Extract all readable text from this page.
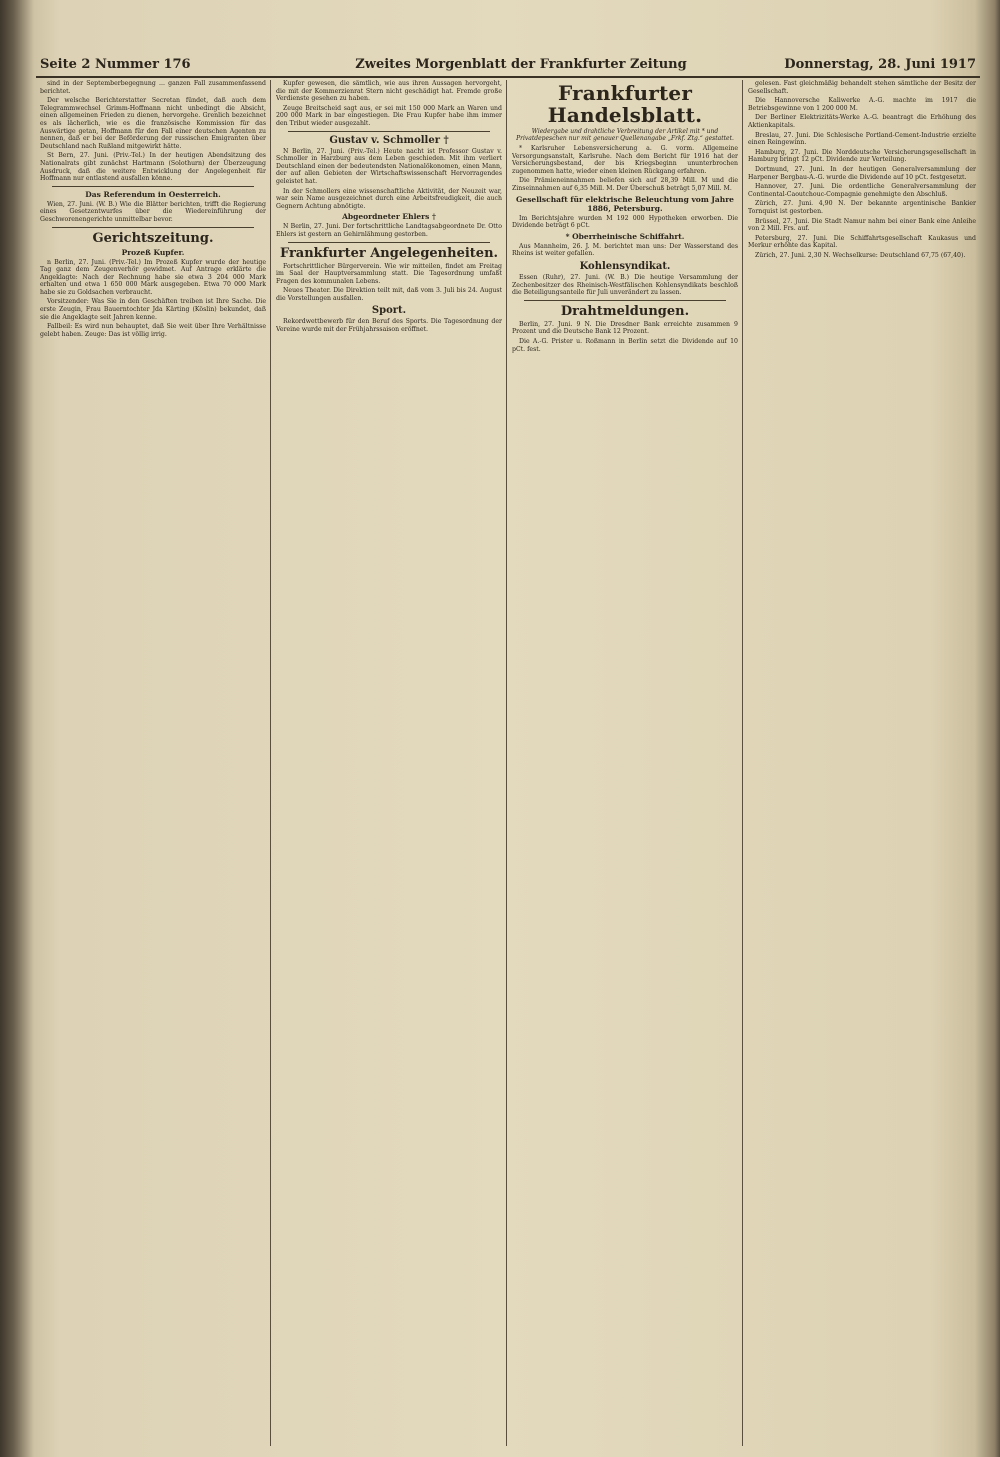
Seite 2 Nummer 176	Zweites Morgenblatt der Frankfurter Zeitung	Donnerstag, 28. Juni 1917

sind in der Septemberbegegnung ... ganzen Fall zusammenfassend berichtet.

Der welsche Berichterstatter Secretan fündet, daß auch dem Telegrammwechsel Grimm-Hoffmann nicht unbedingt die Absicht, einen allgemeinen Frieden zu dienen, hervorgehe. Grenlich bezeichnet es als lächerlich, wie es die französische Kommission für das Auswärtige getan, Hoffmann für den Fall einer deutschen Agenten zu nennen, daß er bei der Beförderung der russischen Emigranten über Deutschland nach Rußland mitgewirkt hätte.

St Bern, 27. Juni. (Priv.-Tel.) In der heutigen Abendsitzung des Nationalrats gibt zunächst Hartmann (Solothurn) der Überzeugung Ausdruck, daß die weitere Entwicklung der Angelegenheit für Hoffmann nur entlastend ausfallen könne.

Das Referendum in Oesterreich.

Wien, 27. Juni. (W. B.) Wie die Blätter berichten, trifft die Regierung eines Gesetzentwurfes über die Wiedereinführung der Geschworenengerichte unmittelbar bevor.

Gerichtszeitung.
Prozeß Kupfer.

n Berlin, 27. Juni. (Priv.-Tel.) Im Prozeß Kupfer wurde der heutige Tag ganz dem Zeugenverhör gewidmet. Auf Antrage erklärte die Angeklagte: Nach der Rechnung habe sie etwa 3 204 000 Mark erhalten und etwa 1 650 000 Mark ausgegeben. Etwa 70 000 Mark habe sie zu Goldsachen verbraucht.

Vorsitzender: Was Sie in den Geschäften treiben ist Ihre Sache. Die erste Zeugin, Frau Bauerntochter Jda Kärting (Köslin) bekundet, daß sie die Angeklagte seit Jahren kenne.

Fallbeil: Es wird nun behauptet, daß Sie weit über Ihre Verhältnisse gelebt haben. Zeuge: Das ist völlig irrig.

Kupfer gewesen, die sämtlich, wie aus ihren Aussagen hervorgeht, die mit der Kommerzienrat Stern nicht geschädigt hat. Fremde große Verdienste gesehen zu haben.

Zeuge Breitscheid sagt aus, er sei mit 150 000 Mark an Waren und 200 000 Mark in bar eingestiegen. Die Frau Kupfer habe ihm immer den Tribut wieder ausgezahlt.

Gustav v. Schmoller †

N Berlin, 27. Juni. (Priv.-Tel.) Heute nacht ist Professor Gustav v. Schmoller in Harzburg aus dem Leben geschieden. Mit ihm verliert Deutschland einen der bedeutendsten Nationalökonomen, einen Mann, der auf allen Gebieten der Wirtschaftswissenschaft Hervorragendes geleistet hat.

In der Schmollers eine wissenschaftliche Aktivität, der Neuzeit war, war sein Name ausgezeichnet durch eine Arbeitsfreudigkeit, die auch Gegnern Achtung abnötigte.

Abgeordneter Ehlers †

N Berlin, 27. Juni. Der fortschrittliche Landtagsabgeordnete Dr. Otto Ehlers ist gestern an Gehirnlähmung gestorben.

Frankfurter Angelegenheiten.

Fortschrittlicher Bürgerverein. Wie wir mitteilen, findet am Freitag im Saal der Hauptversammlung statt. Die Tagesordnung umfaßt Fragen des kommunalen Lebens.

Neues Theater. Die Direktion teilt mit, daß vom 3. Juli bis 24. August die Vorstellungen ausfallen.

Sport.

Rekordwettbewerb für den Beruf des Sports. Die Tagesordnung der Vereine wurde mit der Frühjahrssaison eröffnet.

Frankfurter Handelsblatt.
Wiedergabe und drahtliche Verbreitung der Artikel mit * und Privatdepeschen nur mit genauer Quellenangabe „Frkf. Ztg.“ gestattet.

* Karlsruher Lebensversicherung a. G. vorm. Allgemeine Versorgungsanstalt, Karlsruhe. Nach dem Bericht für 1916 hat der Versicherungsbestand, der bis Kriegsbeginn ununterbrochen zugenommen hatte, wieder einen kleinen Rückgang erfahren.

Die Prämieneinnahmen beliefen sich auf 28,39 Mill. M und die Zinseinnahmen auf 6,35 Mill. M. Der Überschuß beträgt 5,07 Mill. M.

Gesellschaft für elektrische Beleuchtung vom Jahre 1886, Petersburg.

Im Berichtsjahre wurden M 192 000 Hypotheken erworben. Die Dividende beträgt 6 pCt.

* Oberrheinische Schiffahrt.

Aus Mannheim, 26. J. M. berichtet man uns: Der Wasserstand des Rheins ist weiter gefallen.

Kohlensyndikat.

Essen (Ruhr), 27. Juni. (W. B.) Die heutige Versammlung der Zechenbesitzer des Rheinisch-Westfälischen Kohlensyndikats beschloß die Beteiligungsanteile für Juli unverändert zu lassen.

Drahtmeldungen.

Berlin, 27. Juni. 9 N. Die Dresdner Bank erreichte zusammen 9 Prozent und die Deutsche Bank 12 Prozent.

Die A.-G. Prister u. Roßmann in Berlin setzt die Dividende auf 10 pCt. fest.

gelesen. Fast gleichmäßig behandelt stehen sämtliche der Besitz der Gesellschaft.

Die Hannoversche Kaliwerke A.-G. machte im 1917 die Betriebsgewinne von 1 200 000 M.

Der Berliner Elektrizitäts-Werke A.-G. beantragt die Erhöhung des Aktienkapitals.

Breslau, 27. Juni. Die Schlesische Portland-Cement-Industrie erzielte einen Reingewinn.

Hamburg, 27. Juni. Die Norddeutsche Versicherungsgesellschaft in Hamburg bringt 12 pCt. Dividende zur Verteilung.

Dortmund, 27. Juni. In der heutigen Generalversammlung der Harpener Bergbau-A.-G. wurde die Dividende auf 10 pCt. festgesetzt.

Hannover, 27. Juni. Die ordentliche Generalversammlung der Continental-Caoutchouc-Compagnie genehmigte den Abschluß.

Zürich, 27. Juni. 4,90 N. Der bekannte argentinische Bankier Tornquist ist gestorben.

Brüssel, 27. Juni. Die Stadt Namur nahm bei einer Bank eine Anleihe von 2 Mill. Frs. auf.

Petersburg, 27. Juni. Die Schiffahrtsgesellschaft Kaukasus und Merkur erhöhte das Kapital.

Zürich, 27. Juni. 2,30 N. Wechselkurse: Deutschland 67,75 (67,40).
